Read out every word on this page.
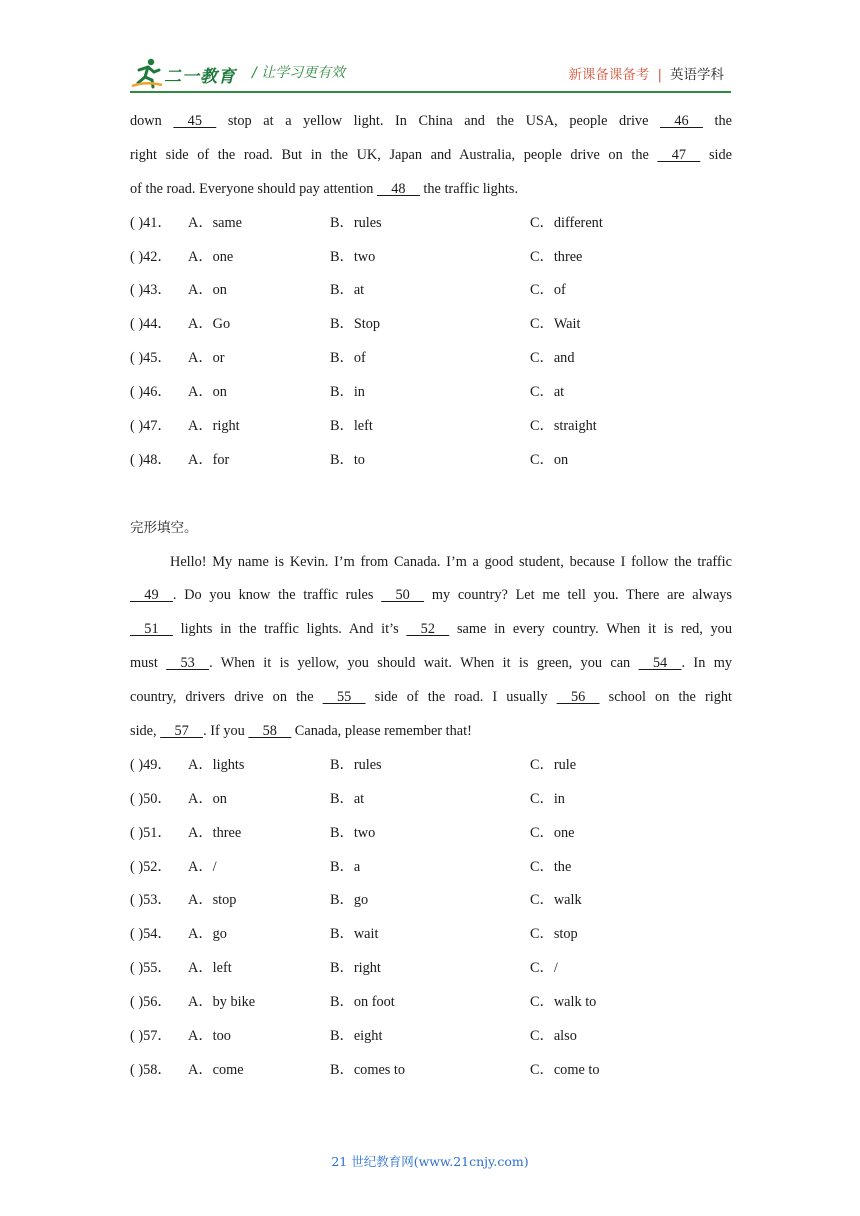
二一教育 / 让学习更有效	新课备课备考 | 英语学科
down     45     stop at a yellow light. In China and the USA, people drive     46     the
right side of the road. But in the UK, Japan and Australia, people drive on the     47     side
of the road. Everyone should pay attention     48     the traffic lights.
( )41． A．same	B．rules	C．different
( )42． A．one	B．two	C．three
( )43． A．on	B．at	C．of
( )44． A．Go	B．Stop	C．Wait
( )45． A．or	B．of	C．and
( )46． A．on	B．in	C．at
( )47． A．right	B．left	C．straight
( )48． A．for	B．to	C．on
完形填空。
Hello! My name is Kevin. I’m from Canada. I’m a good student, because I follow the traffic
49    . Do you know the traffic rules     50     my country? Let me tell you. There are always
51     lights in the traffic lights. And it’s     52     same in every country. When it is red, you
must     53    . When it is yellow, you should wait. When it is green, you can     54    . In my
country, drivers drive on the     55     side of the road. I usually     56     school on the right
side,     57    . If you     58     Canada, please remember that!
( )49． A．lights	B．rules	C．rule
( )50． A．on	B．at	C．in
( )51． A．three	B．two	C．one
( )52． A．/	B．a	C．the
( )53． A．stop	B．go	C．walk
( )54． A．go	B．wait	C．stop
( )55． A．left	B．right	C．/
( )56． A．by bike	B．on foot	C．walk to
( )57． A．too	B．eight	C．also
( )58． A．come	B．comes to	C．come to
21 世纪教育网(www.21cnjy.com)
